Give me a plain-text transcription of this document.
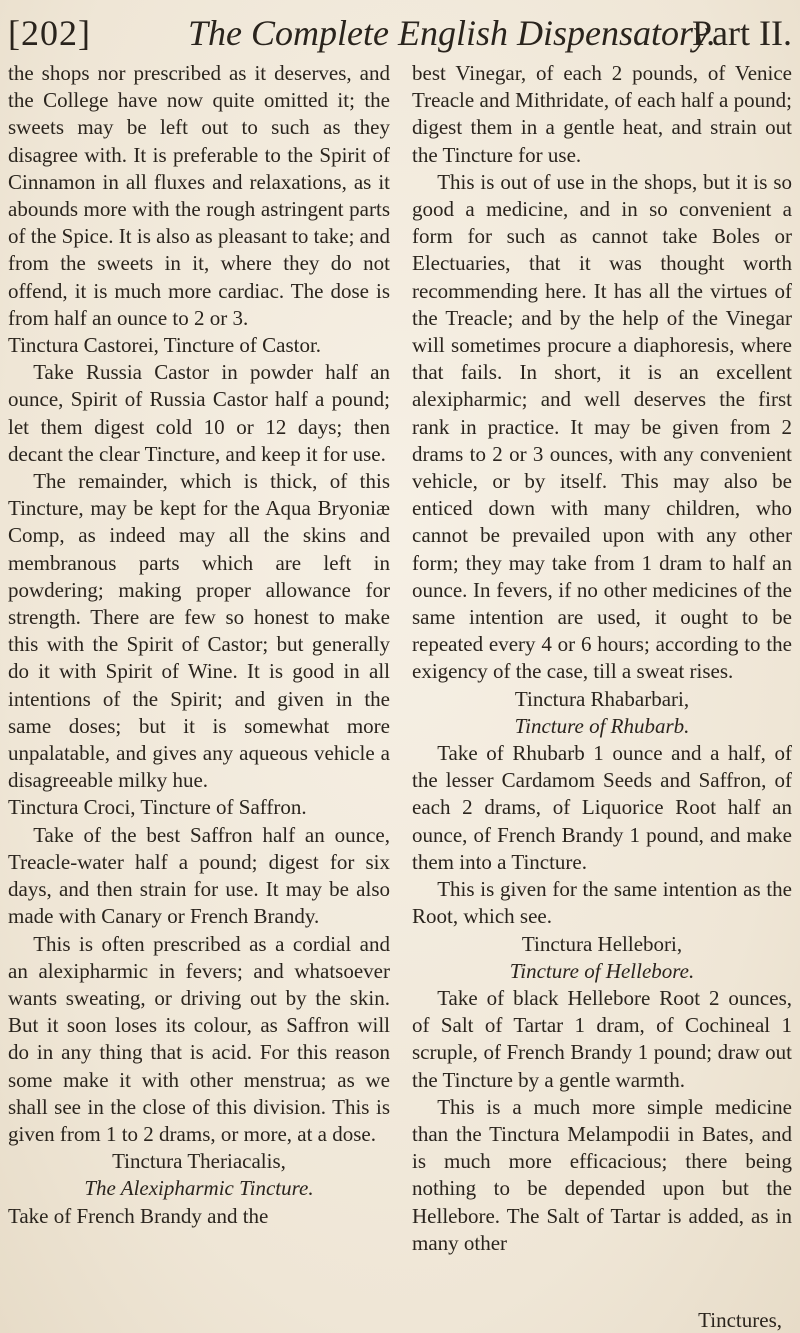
[202]	The Complete English Dispensatory.
Part II.

the shops nor prescribed as it deserves, and the College have now quite omitted it; the sweets may be left out to such as they disagree with. It is preferable to the Spirit of Cinnamon in all fluxes and relaxations, as it abounds more with the rough astringent parts of the Spice. It is also as pleasant to take; and from the sweets in it, where they do not offend, it is much more cardiac. The dose is from half an ounce to 2 or 3.

Tinctura Castorei, Tincture of Castor.

Take Russia Castor in powder half an ounce, Spirit of Russia Castor half a pound; let them digest cold 10 or 12 days; then decant the clear Tincture, and keep it for use.

The remainder, which is thick, of this Tincture, may be kept for the Aqua Bryoniæ Comp, as indeed may all the skins and membranous parts which are left in powdering; making proper allowance for strength. There are few so honest to make this with the Spirit of Castor; but generally do it with Spirit of Wine. It is good in all intentions of the Spirit; and given in the same doses; but it is somewhat more unpalatable, and gives any aqueous vehicle a disagreeable milky hue.

Tinctura Croci, Tincture of Saffron.

Take of the best Saffron half an ounce, Treacle-water half a pound; digest for six days, and then strain for use. It may be also made with Canary or French Brandy.

This is often prescribed as a cordial and an alexipharmic in fevers; and whatsoever wants sweating, or driving out by the skin. But it soon loses its colour, as Saffron will do in any thing that is acid. For this reason some make it with other menstrua; as we shall see in the close of this division. This is given from 1 to 2 drams, or more, at a dose.

Tinctura Theriacalis,

The Alexipharmic Tincture.

Take of French Brandy and the

best Vinegar, of each 2 pounds, of Venice Treacle and Mithridate, of each half a pound; digest them in a gentle heat, and strain out the Tincture for use.

This is out of use in the shops, but it is so good a medicine, and in so convenient a form for such as cannot take Boles or Electuaries, that it was thought worth recommending here. It has all the virtues of the Treacle; and by the help of the Vinegar will sometimes procure a diaphoresis, where that fails. In short, it is an excellent alexipharmic; and well deserves the first rank in practice. It may be given from 2 drams to 2 or 3 ounces, with any convenient vehicle, or by itself. This may also be enticed down with many children, who cannot be prevailed upon with any other form; they may take from 1 dram to half an ounce. In fevers, if no other medicines of the same intention are used, it ought to be repeated every 4 or 6 hours; according to the exigency of the case, till a sweat rises.

Tinctura Rhabarbari,

Tincture of Rhubarb.

Take of Rhubarb 1 ounce and a half, of the lesser Cardamom Seeds and Saffron, of each 2 drams, of Liquorice Root half an ounce, of French Brandy 1 pound, and make them into a Tincture.

This is given for the same intention as the Root, which see.

Tinctura Hellebori,

Tincture of Hellebore.

Take of black Hellebore Root 2 ounces, of Salt of Tartar 1 dram, of Cochineal 1 scruple, of French Brandy 1 pound; draw out the Tincture by a gentle warmth.

This is a much more simple medicine than the Tinctura Melampodii in Bates, and is much more efficacious; there being nothing to be depended upon but the Hellebore. The Salt of Tartar is added, as in many other

Tinctures,
